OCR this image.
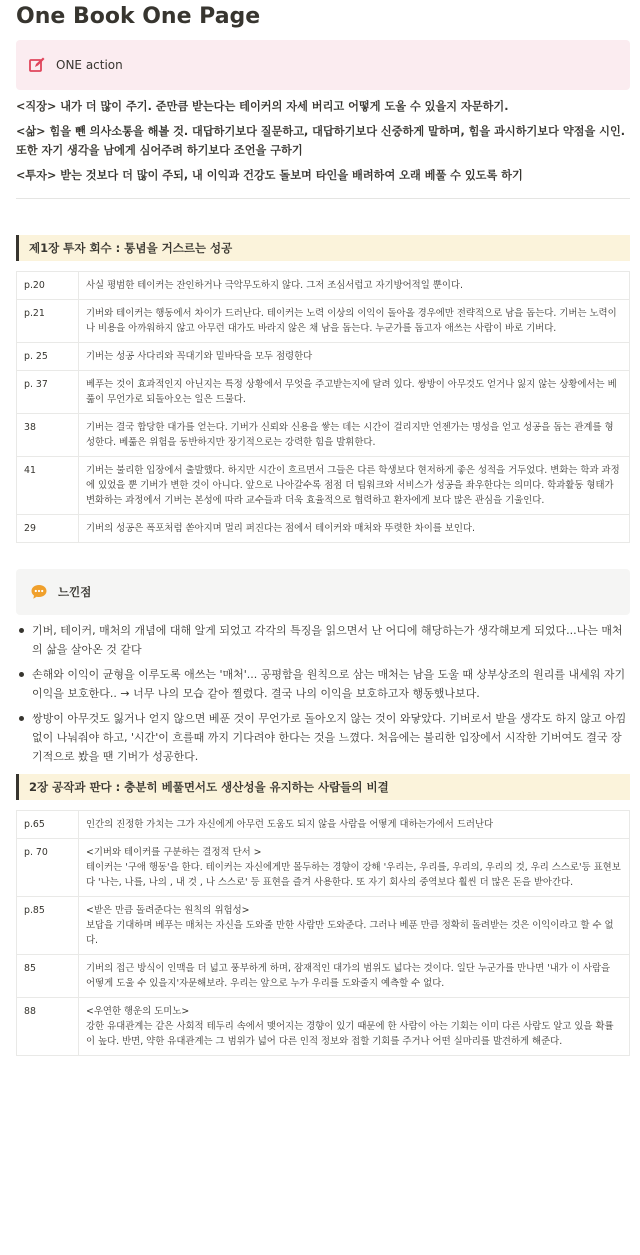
One Book One Page
ONE action

<직장> 내가 더 많이 주기. 준만큼 받는다는 테이커의 자세 버리고 어떻게 도울 수 있을지 자문하기.

<삶> 힘을 뺀 의사소통을 해볼 것. 대답하기보다 질문하고, 대답하기보다 신중하게 말하며, 힘을 과시하기보다 약점을 시인. 또한 자기 생각을 남에게 심어주려 하기보다 조언을 구하기

<투자> 받는 것보다 더 많이 주되, 내 이익과 건강도 돌보며 타인을 배려하여 오래 베풀 수 있도록 하기

제1장 투자 회수 : 통념을 거스르는 성공
p.20	사실 평범한 테이커는 잔인하거나 극악무도하지 않다. 그저 조심서럽고 자기방어적일 뿐이다.
p.21	기버와 테이커는 행동에서 차이가 드러난다. 테이커는 노력 이상의 이익이 돌아올 경우에만 전략적으로 남을 돕는다. 기버는 노력이나 비용을 아까워하지 않고 아무런 대가도 바라지 않은 채 남을 돕는다. 누군가를 돕고자 애쓰는 사람이 바로 기버다.
p. 25	기버는 성공 사다리와 꼭대기와 밑바닥을 모두 점령한다
p. 37	베푸는 것이 효과적인지 아닌지는 특정 상황에서 무엇을 주고받는지에 달려 있다. 쌍방이 아무것도 얻거나 잃지 않는 상황에서는 베풂이 무언가로 되돌아오는 일은 드물다.
38	기버는 결국 합당한 대가를 얻는다. 기버가 신뢰와 신용을 쌓는 데는 시간이 걸리지만 언젠가는 명성을 얻고 성공을 돕는 관계를 형성한다. 베풂은 위험을 동반하지만 장기적으로는 강력한 힘을 발휘한다.
41	기버는 불리한 입장에서 출발했다. 하지만 시간이 흐르면서 그들은 다른 학생보다 현저하게 좋은 성적을 거두었다. 변화는 학과 과정에 있었을 뿐 기버가 변한 것이 아니다. 앞으로 나아갈수록 점점 더 팀워크와 서비스가 성공을 좌우한다는 의미다. 학과활동 형태가 변화하는 과정에서 기버는 본성에 따라 교수들과 더욱 효율적으로 협력하고 환자에게 보다 많은 관심을 기울인다.
29	기버의 성공은 폭포처럼 쏟아지며 멀리 퍼진다는 점에서 테이커와 매처와 뚜렷한 차이를 보인다.
느낀점
기버, 테이커, 매처의 개념에 대해 알게 되었고 각각의 특징을 읽으면서 난 어디에 해당하는가 생각해보게 되었다...나는 매처의 삶을 살아온 것 같다
손해와 이익이 균형을 이루도록 애쓰는 '매처'... 공평함을 원칙으로 삼는 매처는 남을 도울 때 상부상조의 원리를 내세워 자기 이익을 보호한다.. → 너무 나의 모습 같아 찔렸다. 결국 나의 이익을 보호하고자 행동했나보다.
쌍방이 아무것도 잃거나 얻지 않으면 베푼 것이 무언가로 돌아오지 않는 것이 와닿았다. 기버로서 받을 생각도 하지 않고 아낌없이 나눠줘야 하고, '시간'이 흐를때 까지 기다려야 한다는 것을 느꼈다. 처음에는 불리한 입장에서 시작한 기버여도 결국 장기적으로 봤을 땐 기버가 성공한다.
2장 공작과 판다 : 충분히 베풀면서도 생산성을 유지하는 사람들의 비결
p.65	인간의 진정한 가치는 그가 자신에게 아무런 도움도 되지 않을 사람을 어떻게 대하는가에서 드러난다
p. 70	<기버와 테이커를 구분하는 결정적 단서 >
테이커는 '구애 행동'을 한다. 테이커는 자신에게만 몰두하는 경향이 강해 '우리는, 우리를, 우리의, 우리의 것, 우리 스스로'등 표현보다 '나는, 나를, 나의 , 내 것 , 나 스스로' 등 표현을 즐겨 사용한다. 또 자기 회사의 중역보다 훨씬 더 많은 돈을 받아간다.
p.85	<받은 만큼 돌려준다는 원칙의 위험성>
보답을 기대하며 베푸는 매처는 자신을 도와줄 만한 사람만 도와준다. 그러나 베푼 만큼 정확히 돌려받는 것은 이익이라고 할 수 없다.
85	기버의 접근 방식이 인맥을 더 넓고 풍부하게 하며, 잠재적인 대가의 범위도 넓다는 것이다. 일단 누군가를 만나면 '내가 이 사람을 어떻게 도울 수 있을지'자문해보라. 우리는 앞으로 누가 우리를 도와줄지 예측할 수 없다.
88	<우연한 행운의 도미노>
강한 유대관계는 같은 사회적 테두리 속에서 맺어지는 경향이 있기 때문에 한 사람이 아는 기회는 이미 다른 사람도 알고 있을 확률이 높다. 반면, 약한 유대관계는 그 범위가 넓어 다른 인적 정보와 접할 기회를 주거나 어떤 실마리를 발견하게 해준다.
